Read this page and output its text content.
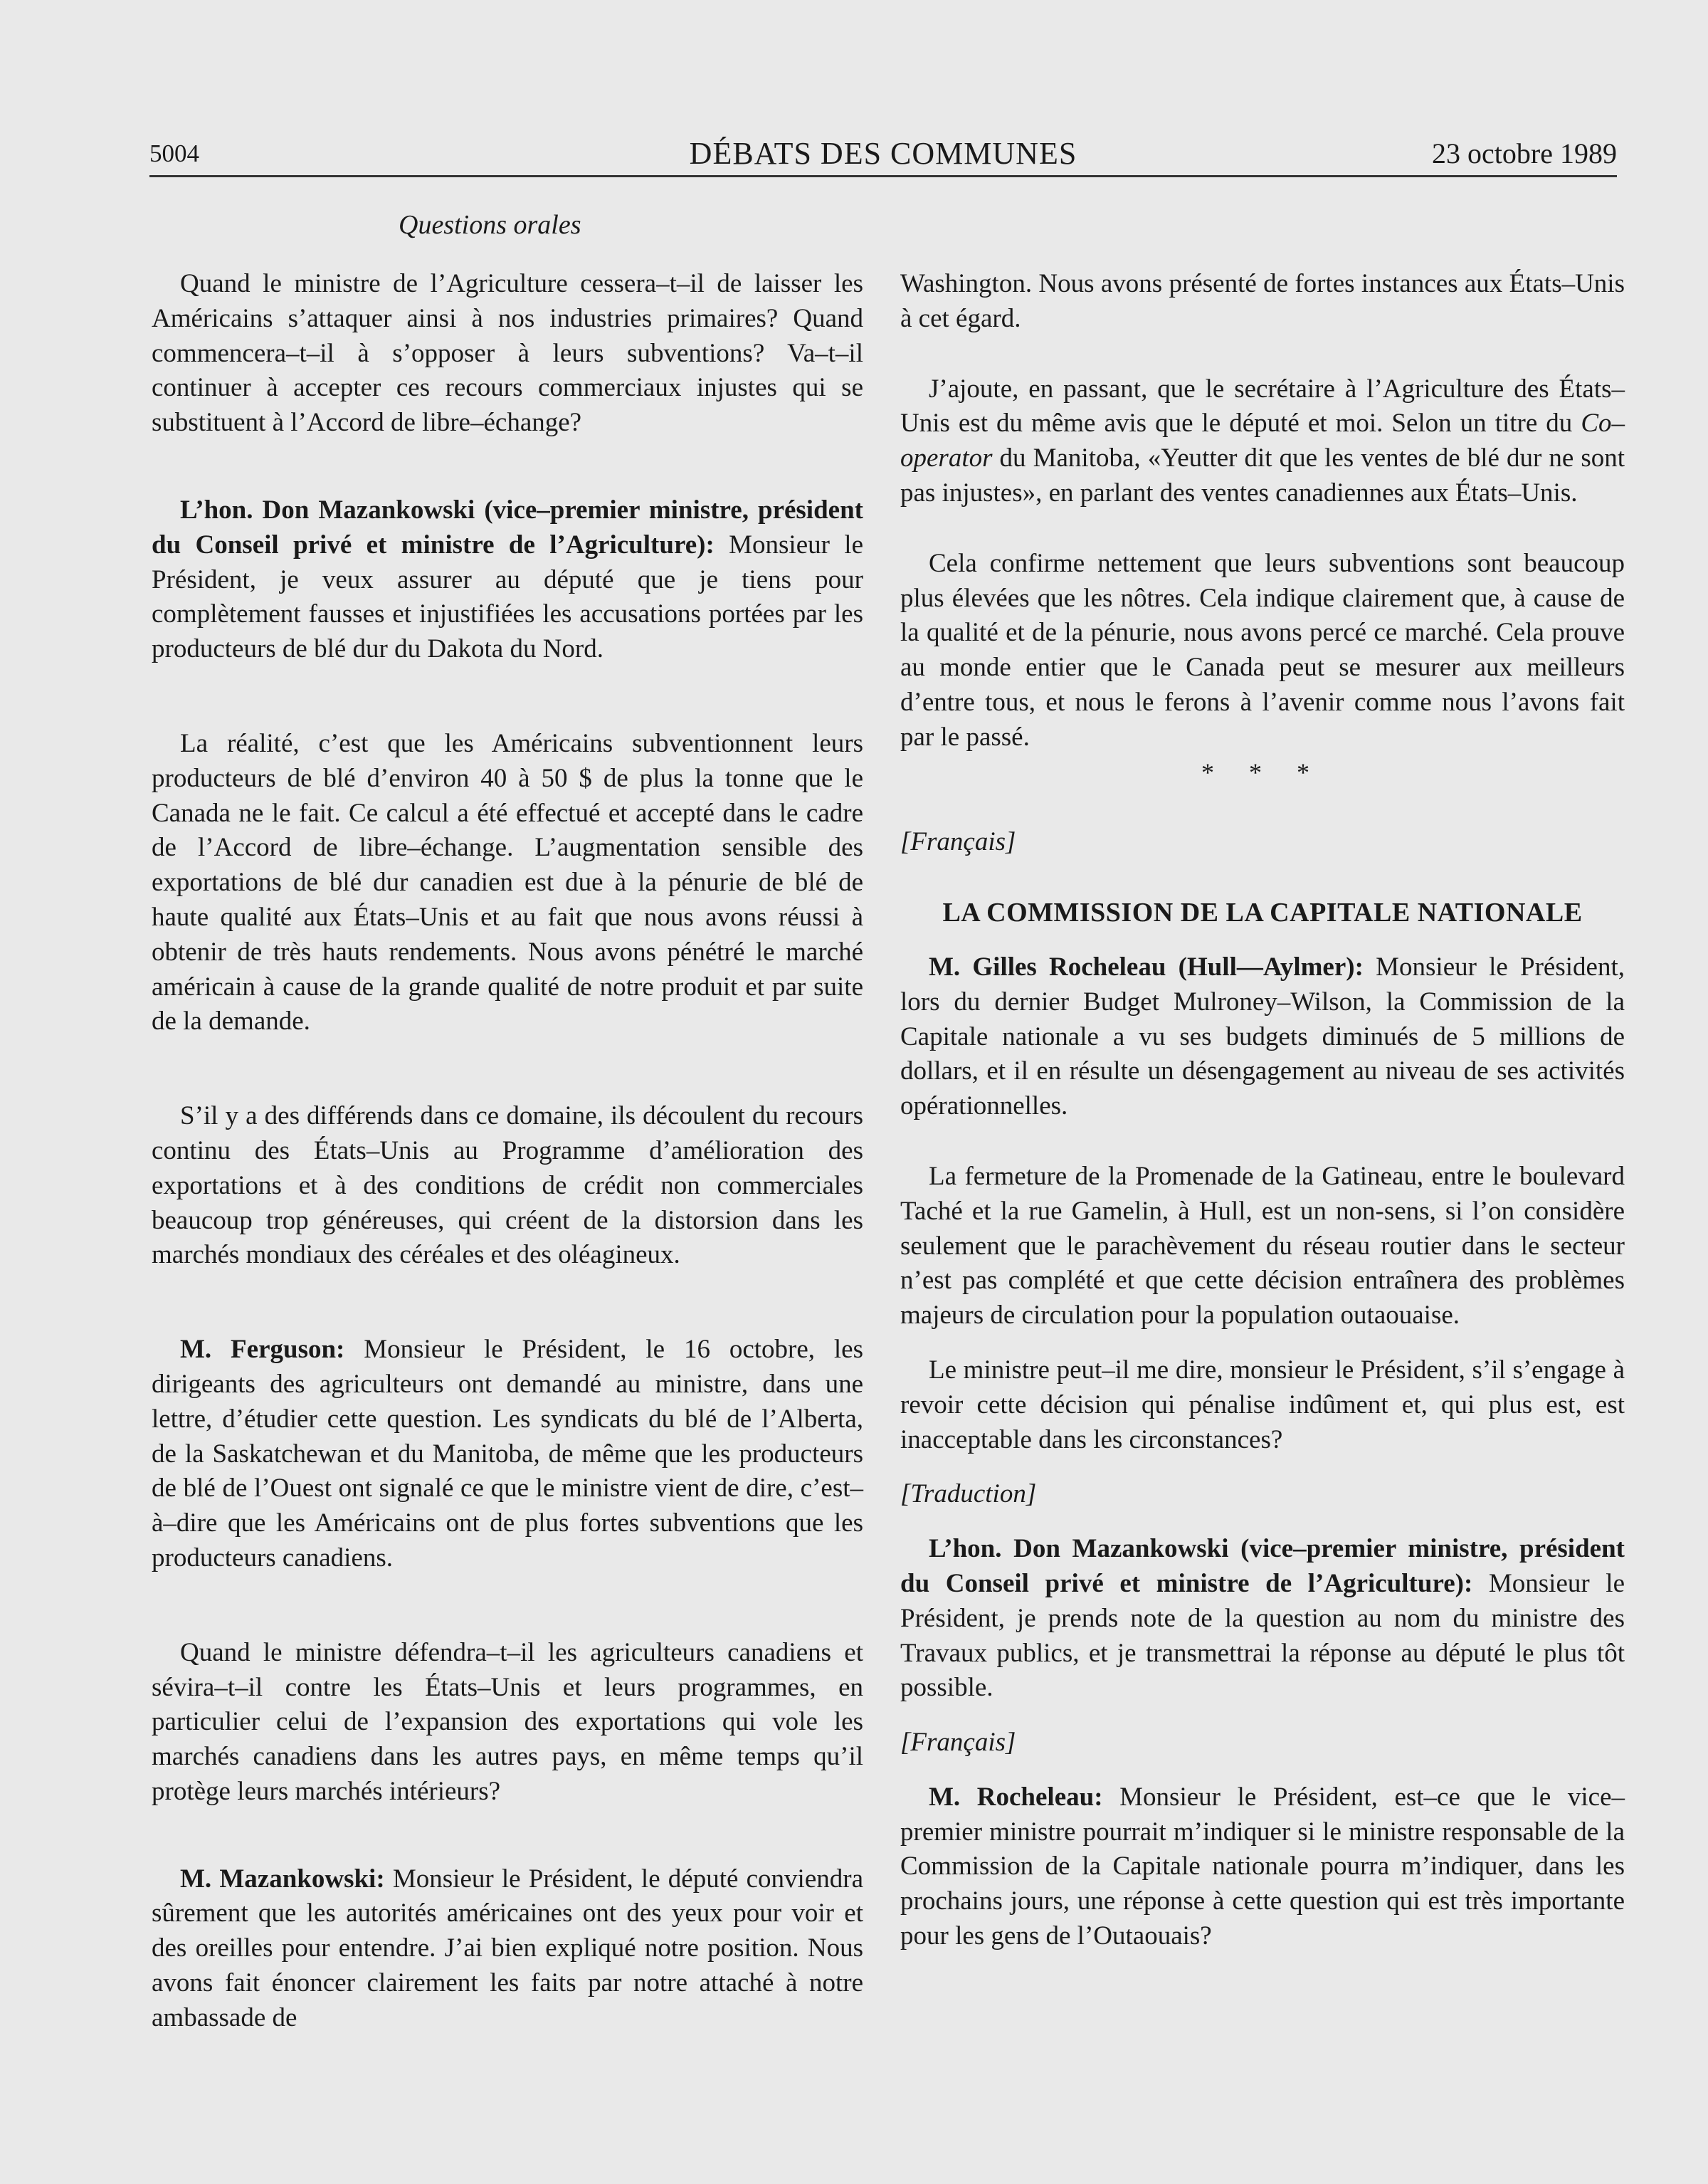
5004	DÉBATS DES COMMUNES	23 octobre 1989
Questions orales

Quand le ministre de l’Agriculture cessera–t–il de laisser les Américains s’attaquer ainsi à nos industries primaires? Quand commencera–t–il à s’opposer à leurs subventions? Va–t–il continuer à accepter ces recours commerciaux injustes qui se substituent à l’Accord de libre–échange?

L’hon. Don Mazankowski (vice–premier ministre, président du Conseil privé et ministre de l’Agriculture): Monsieur le Président, je veux assurer au député que je tiens pour complètement fausses et injustifiées les accusations portées par les producteurs de blé dur du Dakota du Nord.

La réalité, c’est que les Américains subventionnent leurs producteurs de blé d’environ 40 à 50 $ de plus la tonne que le Canada ne le fait. Ce calcul a été effectué et accepté dans le cadre de l’Accord de libre–échange. L’augmentation sensible des exportations de blé dur canadien est due à la pénurie de blé de haute qualité aux États–Unis et au fait que nous avons réussi à obtenir de très hauts rendements. Nous avons pénétré le marché américain à cause de la grande qualité de notre produit et par suite de la demande.

S’il y a des différends dans ce domaine, ils découlent du recours continu des États–Unis au Programme d’amélioration des exportations et à des conditions de crédit non commerciales beaucoup trop généreuses, qui créent de la distorsion dans les marchés mondiaux des céréales et des oléagineux.

M. Ferguson: Monsieur le Président, le 16 octobre, les dirigeants des agriculteurs ont demandé au ministre, dans une lettre, d’étudier cette question. Les syndicats du blé de l’Alberta, de la Saskatchewan et du Manitoba, de même que les producteurs de blé de l’Ouest ont signalé ce que le ministre vient de dire, c’est–à–dire que les Américains ont de plus fortes subventions que les producteurs canadiens.

Quand le ministre défendra–t–il les agriculteurs canadiens et sévira–t–il contre les États–Unis et leurs programmes, en particulier celui de l’expansion des exportations qui vole les marchés canadiens dans les autres pays, en même temps qu’il protège leurs marchés intérieurs?

M. Mazankowski: Monsieur le Président, le député conviendra sûrement que les autorités américaines ont des yeux pour voir et des oreilles pour entendre. J’ai bien expliqué notre position. Nous avons fait énoncer clairement les faits par notre attaché à notre ambassade de

Washington. Nous avons présenté de fortes instances aux États–Unis à cet égard.

J’ajoute, en passant, que le secrétaire à l’Agriculture des États–Unis est du même avis que le député et moi. Selon un titre du Co–operator du Manitoba, «Yeutter dit que les ventes de blé dur ne sont pas injustes», en parlant des ventes canadiennes aux États–Unis.

Cela confirme nettement que leurs subventions sont beaucoup plus élevées que les nôtres. Cela indique clairement que, à cause de la qualité et de la pénurie, nous avons percé ce marché. Cela prouve au monde entier que le Canada peut se mesurer aux meilleurs d’entre tous, et nous le ferons à l’avenir comme nous l’avons fait par le passé.

* * *

[Français]

LA COMMISSION DE LA CAPITALE NATIONALE

M. Gilles Rocheleau (Hull—Aylmer): Monsieur le Président, lors du dernier Budget Mulroney–Wilson, la Commission de la Capitale nationale a vu ses budgets diminués de 5 millions de dollars, et il en résulte un désengagement au niveau de ses activités opérationnelles.

La fermeture de la Promenade de la Gatineau, entre le boulevard Taché et la rue Gamelin, à Hull, est un non-sens, si l’on considère seulement que le parachèvement du réseau routier dans le secteur n’est pas complété et que cette décision entraînera des problèmes majeurs de circulation pour la population outaouaise.

Le ministre peut–il me dire, monsieur le Président, s’il s’engage à revoir cette décision qui pénalise indûment et, qui plus est, est inacceptable dans les circonstances?

[Traduction]

L’hon. Don Mazankowski (vice–premier ministre, président du Conseil privé et ministre de l’Agriculture): Monsieur le Président, je prends note de la question au nom du ministre des Travaux publics, et je transmettrai la réponse au député le plus tôt possible.

[Français]

M. Rocheleau: Monsieur le Président, est–ce que le vice–premier ministre pourrait m’indiquer si le ministre responsable de la Commission de la Capitale nationale pourra m’indiquer, dans les prochains jours, une réponse à cette question qui est très importante pour les gens de l’Outaouais?
